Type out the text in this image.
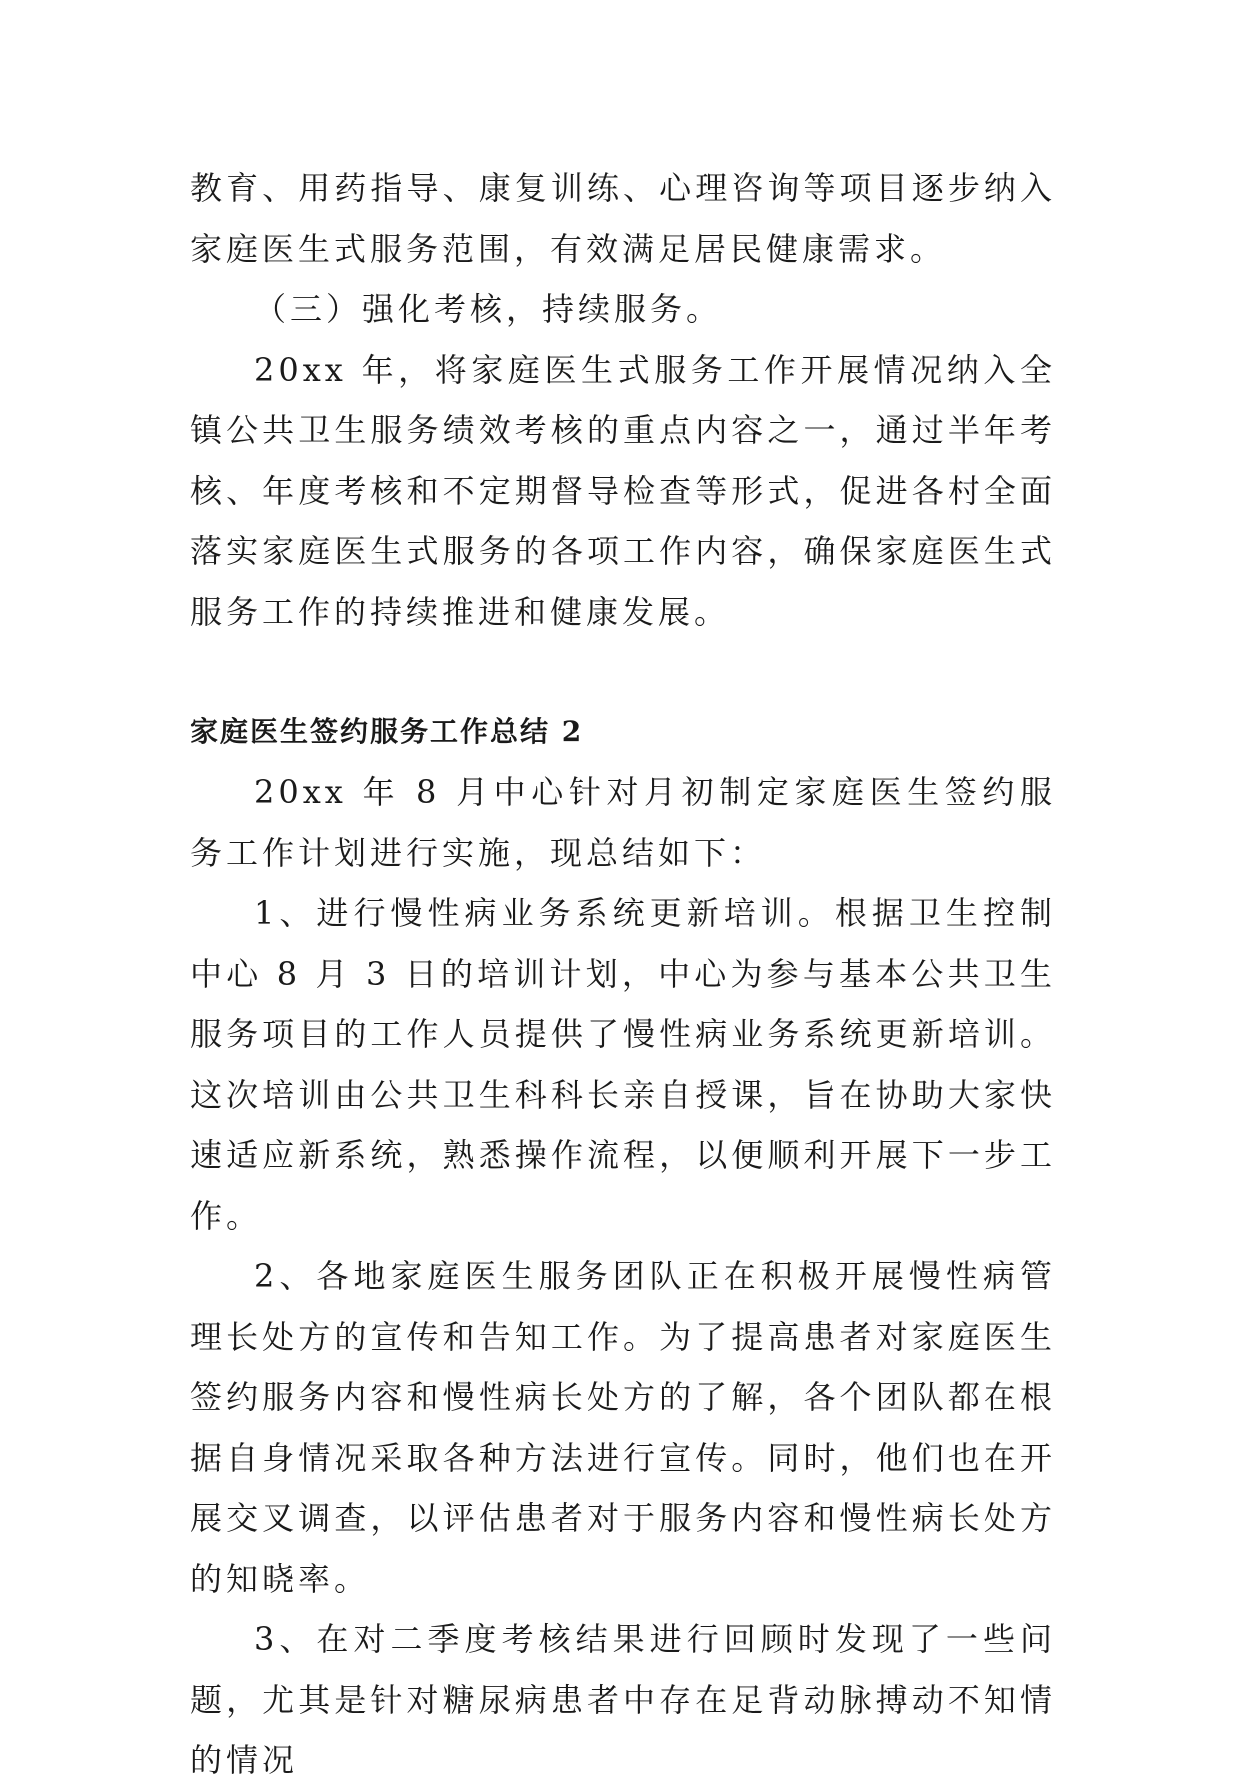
教育、用药指导、康复训练、心理咨询等项目逐步纳入家庭医生式服务范围，有效满足居民健康需求。

（三）强化考核，持续服务。

20xx 年，将家庭医生式服务工作开展情况纳入全镇公共卫生服务绩效考核的重点内容之一，通过半年考核、年度考核和不定期督导检查等形式，促进各村全面落实家庭医生式服务的各项工作内容，确保家庭医生式服务工作的持续推进和健康发展。

家庭医生签约服务工作总结 2

20xx 年 8 月中心针对月初制定家庭医生签约服务工作计划进行实施，现总结如下：

1、进行慢性病业务系统更新培训。根据卫生控制中心 8 月 3 日的培训计划，中心为参与基本公共卫生服务项目的工作人员提供了慢性病业务系统更新培训。这次培训由公共卫生科科长亲自授课，旨在协助大家快速适应新系统，熟悉操作流程，以便顺利开展下一步工作。

2、各地家庭医生服务团队正在积极开展慢性病管理长处方的宣传和告知工作。为了提高患者对家庭医生签约服务内容和慢性病长处方的了解，各个团队都在根据自身情况采取各种方法进行宣传。同时，他们也在开展交叉调查，以评估患者对于服务内容和慢性病长处方的知晓率。

3、在对二季度考核结果进行回顾时发现了一些问题，尤其是针对糖尿病患者中存在足背动脉搏动不知情的情况
